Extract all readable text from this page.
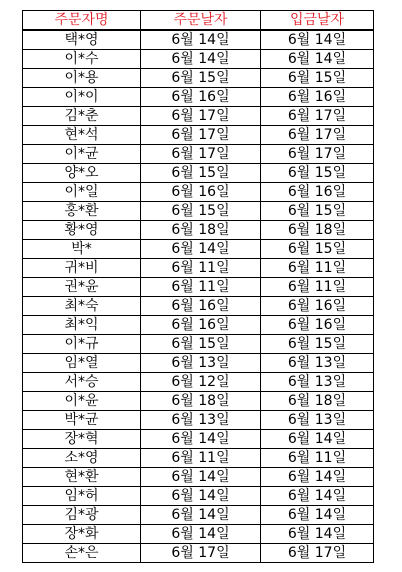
주문자명	주문날자	입금날자
택*영	6월 14일	6월 14일
이*수	6월 14일	6월 14일
이*용	6월 15일	6월 15일
이*이	6월 16일	6월 16일
김*춘	6월 17일	6월 17일
현*석	6월 17일	6월 17일
이*균	6월 17일	6월 17일
양*오	6월 15일	6월 15일
이*일	6월 16일	6월 16일
홍*환	6월 15일	6월 15일
황*영	6월 18일	6월 18일
박*	6월 14일	6월 15일
귀*비	6월 11일	6월 11일
권*윤	6월 11일	6월 11일
최*숙	6월 16일	6월 16일
최*익	6월 16일	6월 16일
이*규	6월 15일	6월 15일
임*열	6월 13일	6월 13일
서*승	6월 12일	6월 13일
이*윤	6월 18일	6월 18일
박*균	6월 13일	6월 13일
장*혁	6월 14일	6월 14일
소*영	6월 11일	6월 11일
현*환	6월 14일	6월 14일
임*허	6월 14일	6월 14일
김*광	6월 14일	6월 14일
장*화	6월 14일	6월 14일
손*은	6월 17일	6월 17일
